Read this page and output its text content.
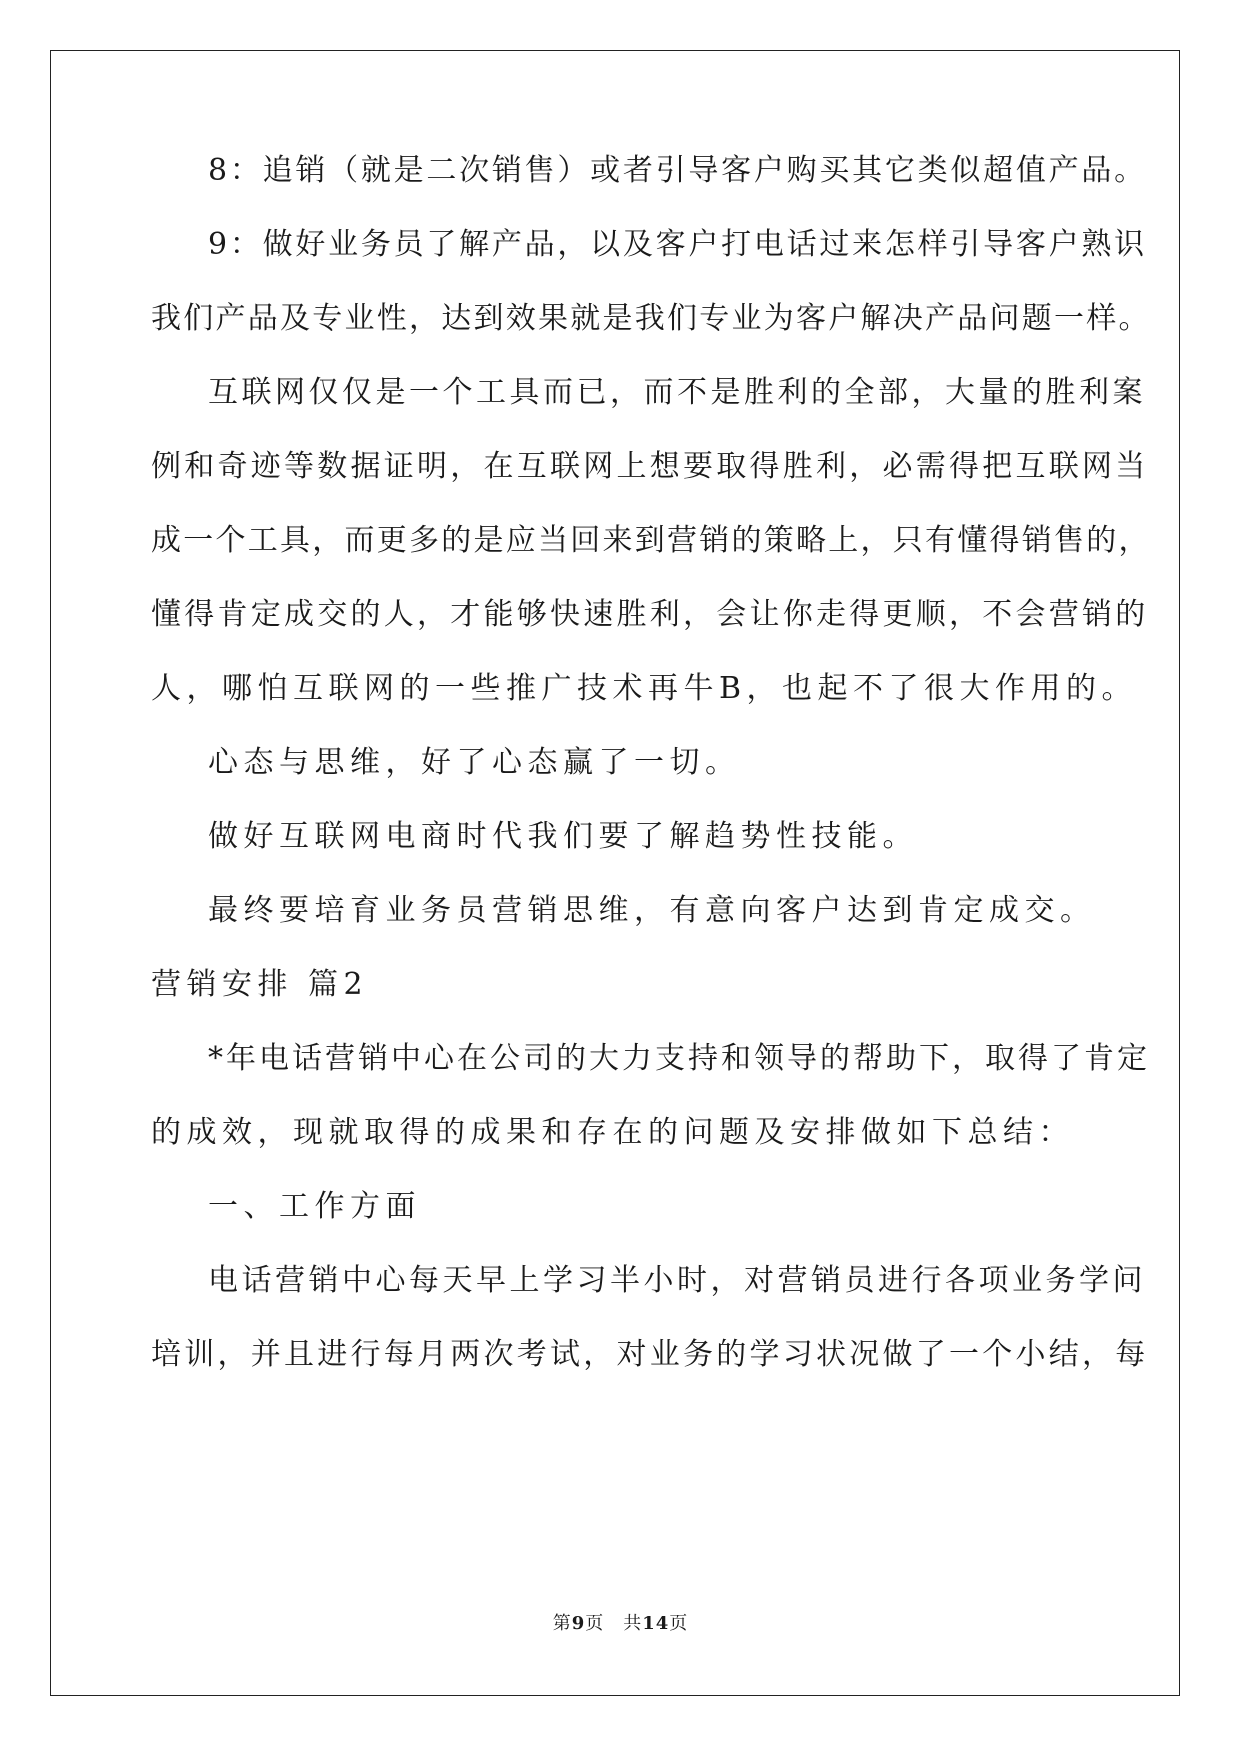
8：追销（就是二次销售）或者引导客户购买其它类似超值产品。
9：做好业务员了解产品，以及客户打电话过来怎样引导客户熟识
我们产品及专业性，达到效果就是我们专业为客户解决产品问题一样。
互联网仅仅是一个工具而已，而不是胜利的全部，大量的胜利案
例和奇迹等数据证明，在互联网上想要取得胜利，必需得把互联网当
成一个工具，而更多的是应当回来到营销的策略上，只有懂得销售的，
懂得肯定成交的人，才能够快速胜利，会让你走得更顺，不会营销的
人，哪怕互联网的一些推广技术再牛B，也起不了很大作用的。
心态与思维，好了心态赢了一切。
做好互联网电商时代我们要了解趋势性技能。
最终要培育业务员营销思维，有意向客户达到肯定成交。
营销安排 篇2
*年电话营销中心在公司的大力支持和领导的帮助下，取得了肯定
的成效，现就取得的成果和存在的问题及安排做如下总结：
一、工作方面
电话营销中心每天早上学习半小时，对营销员进行各项业务学问
培训，并且进行每月两次考试，对业务的学习状况做了一个小结，每
第9页　共14页
